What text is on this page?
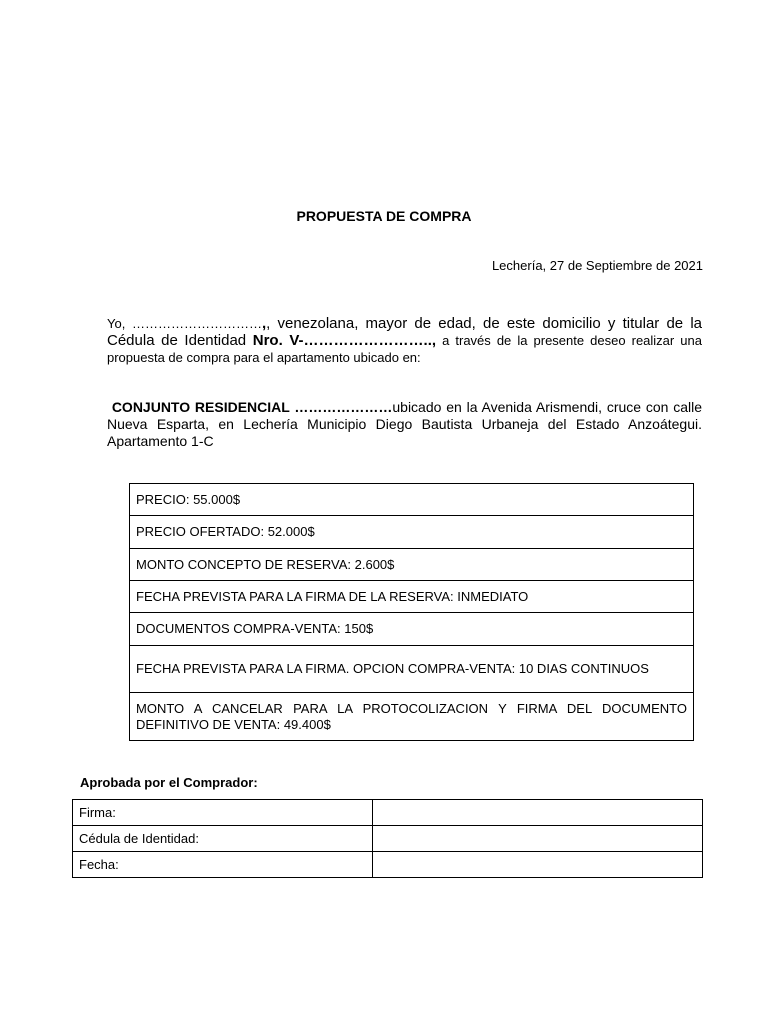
PROPUESTA DE COMPRA
Lechería, 27 de Septiembre de 2021
Yo, …………………………,, venezolana, mayor de edad, de este domicilio y titular de la Cédula de Identidad Nro. V-…………………….., a través de la presente deseo realizar una propuesta de compra para el apartamento ubicado en:
CONJUNTO RESIDENCIAL …………………ubicado en la Avenida Arismendi, cruce con calle Nueva Esparta, en Lechería Municipio Diego Bautista Urbaneja del Estado Anzoátegui. Apartamento 1-C
PRECIO: 55.000$
PRECIO OFERTADO: 52.000$
MONTO CONCEPTO DE RESERVA: 2.600$
FECHA PREVISTA PARA LA FIRMA DE LA RESERVA: INMEDIATO
DOCUMENTOS COMPRA-VENTA: 150$
FECHA PREVISTA PARA LA FIRMA. OPCION COMPRA-VENTA: 10 DIAS CONTINUOS
MONTO A CANCELAR PARA LA PROTOCOLIZACION Y FIRMA DEL DOCUMENTO DEFINITIVO DE VENTA: 49.400$
Aprobada por el Comprador:
Firma:	
Cédula de Identidad:	
Fecha:	
